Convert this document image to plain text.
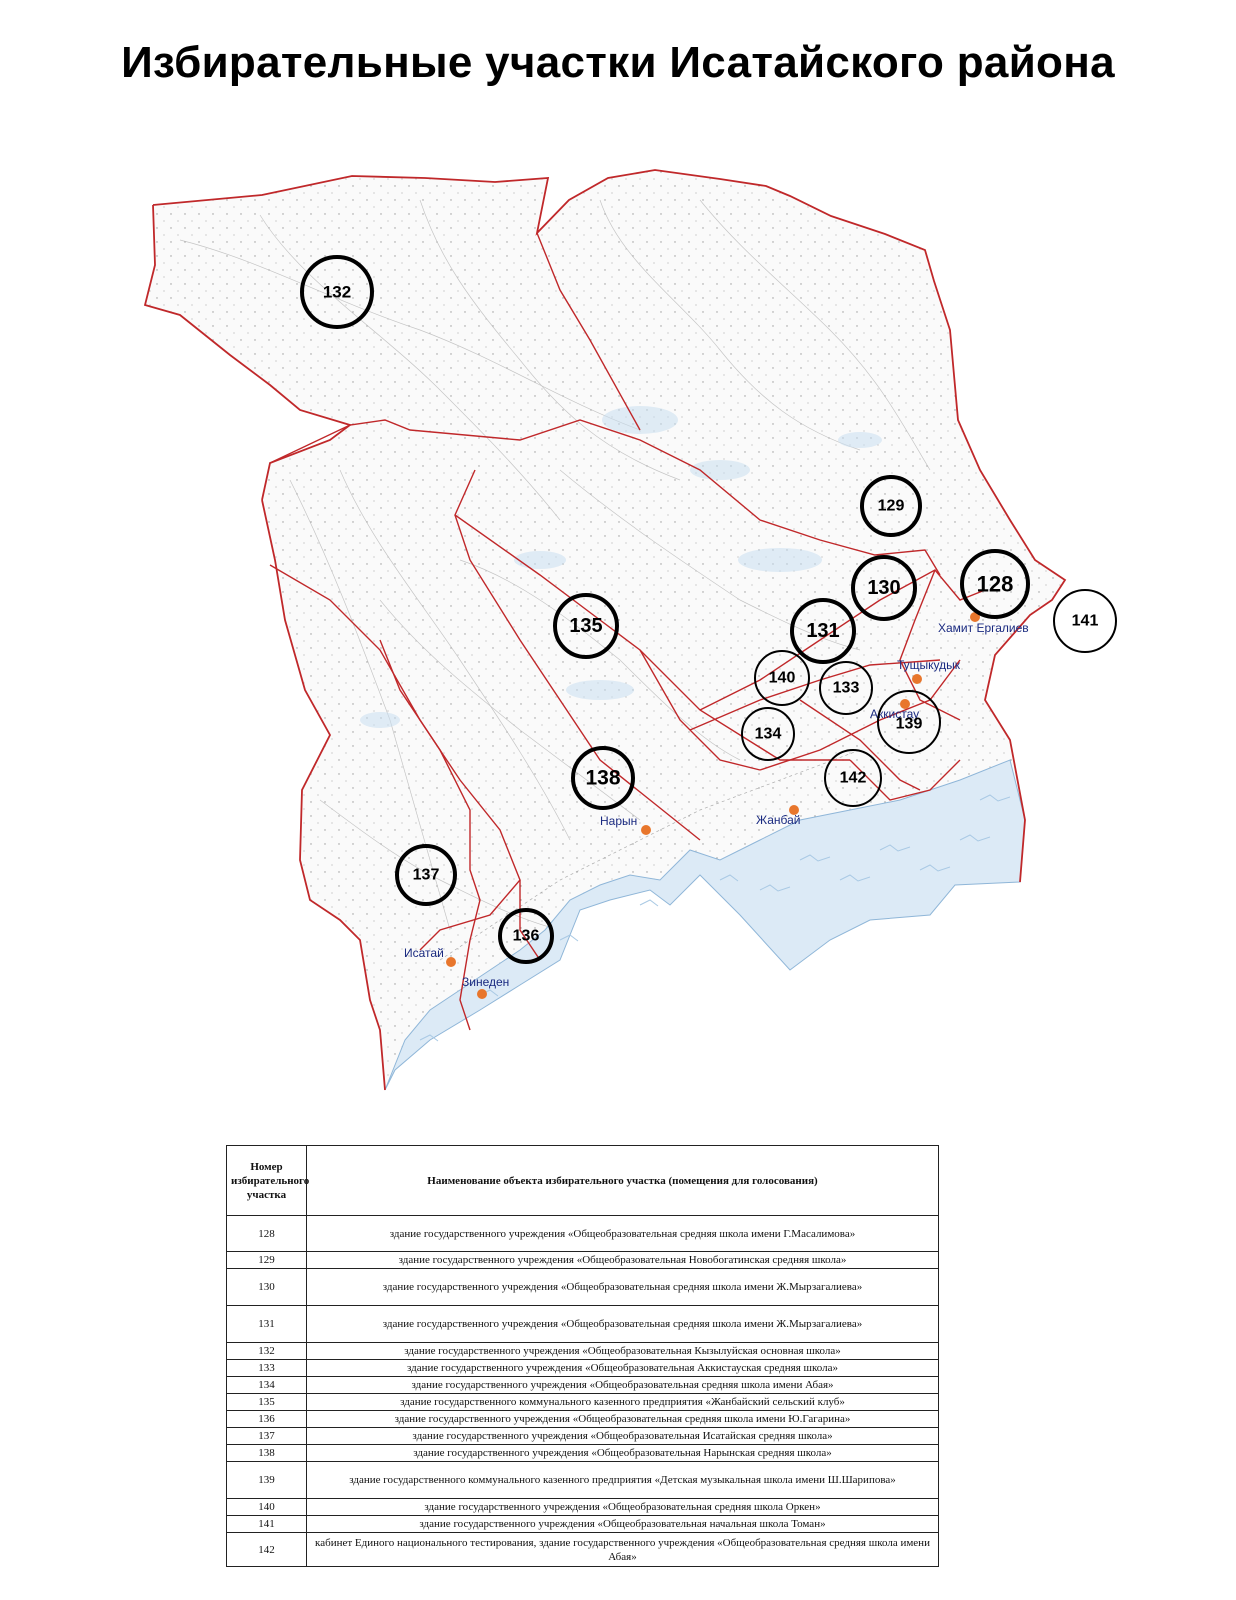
Избирательные участки Исатайского района
Хамит Ергалиев
Тущыкудык
Аккистау
Жанбай
Нарын
Исатай
Зинеден
132
129
130	128
141
131
135
140
133
139
134
142
138
137
136
Номер избирательного участка	Наименование объекта избирательного участка (помещения для голосования)
128	здание государственного учреждения «Общеобразовательная средняя школа имени Г.Масалимова»
129	здание государственного учреждения «Общеобразовательная Новобогатинская средняя школа»
130	здание государственного учреждения «Общеобразовательная средняя школа имени Ж.Мырзагалиева»
131	здание государственного учреждения «Общеобразовательная средняя школа имени Ж.Мырзагалиева»
132	здание государственного учреждения «Общеобразовательная Кызылуйская основная школа»
133	здание государственного учреждения «Общеобразовательная Аккистауская средняя школа»
134	здание государственного учреждения «Общеобразовательная средняя школа имени Абая»
135	здание государственного коммунального казенного предприятия «Жанбайский сельский клуб»
136	здание государственного учреждения «Общеобразовательная средняя школа имени Ю.Гагарина»
137	здание государственного учреждения «Общеобразовательная Исатайская средняя школа»
138	здание государственного учреждения «Общеобразовательная Нарынская средняя школа»
139	здание государственного коммунального казенного предприятия «Детская музыкальная школа имени Ш.Шарипова»
140	здание государственного учреждения «Общеобразовательная средняя школа Оркен»
141	здание государственного учреждения «Общеобразовательная начальная школа Томан»
142	кабинет Единого национального тестирования, здание государственного учреждения «Общеобразовательная средняя школа имени Абая»
